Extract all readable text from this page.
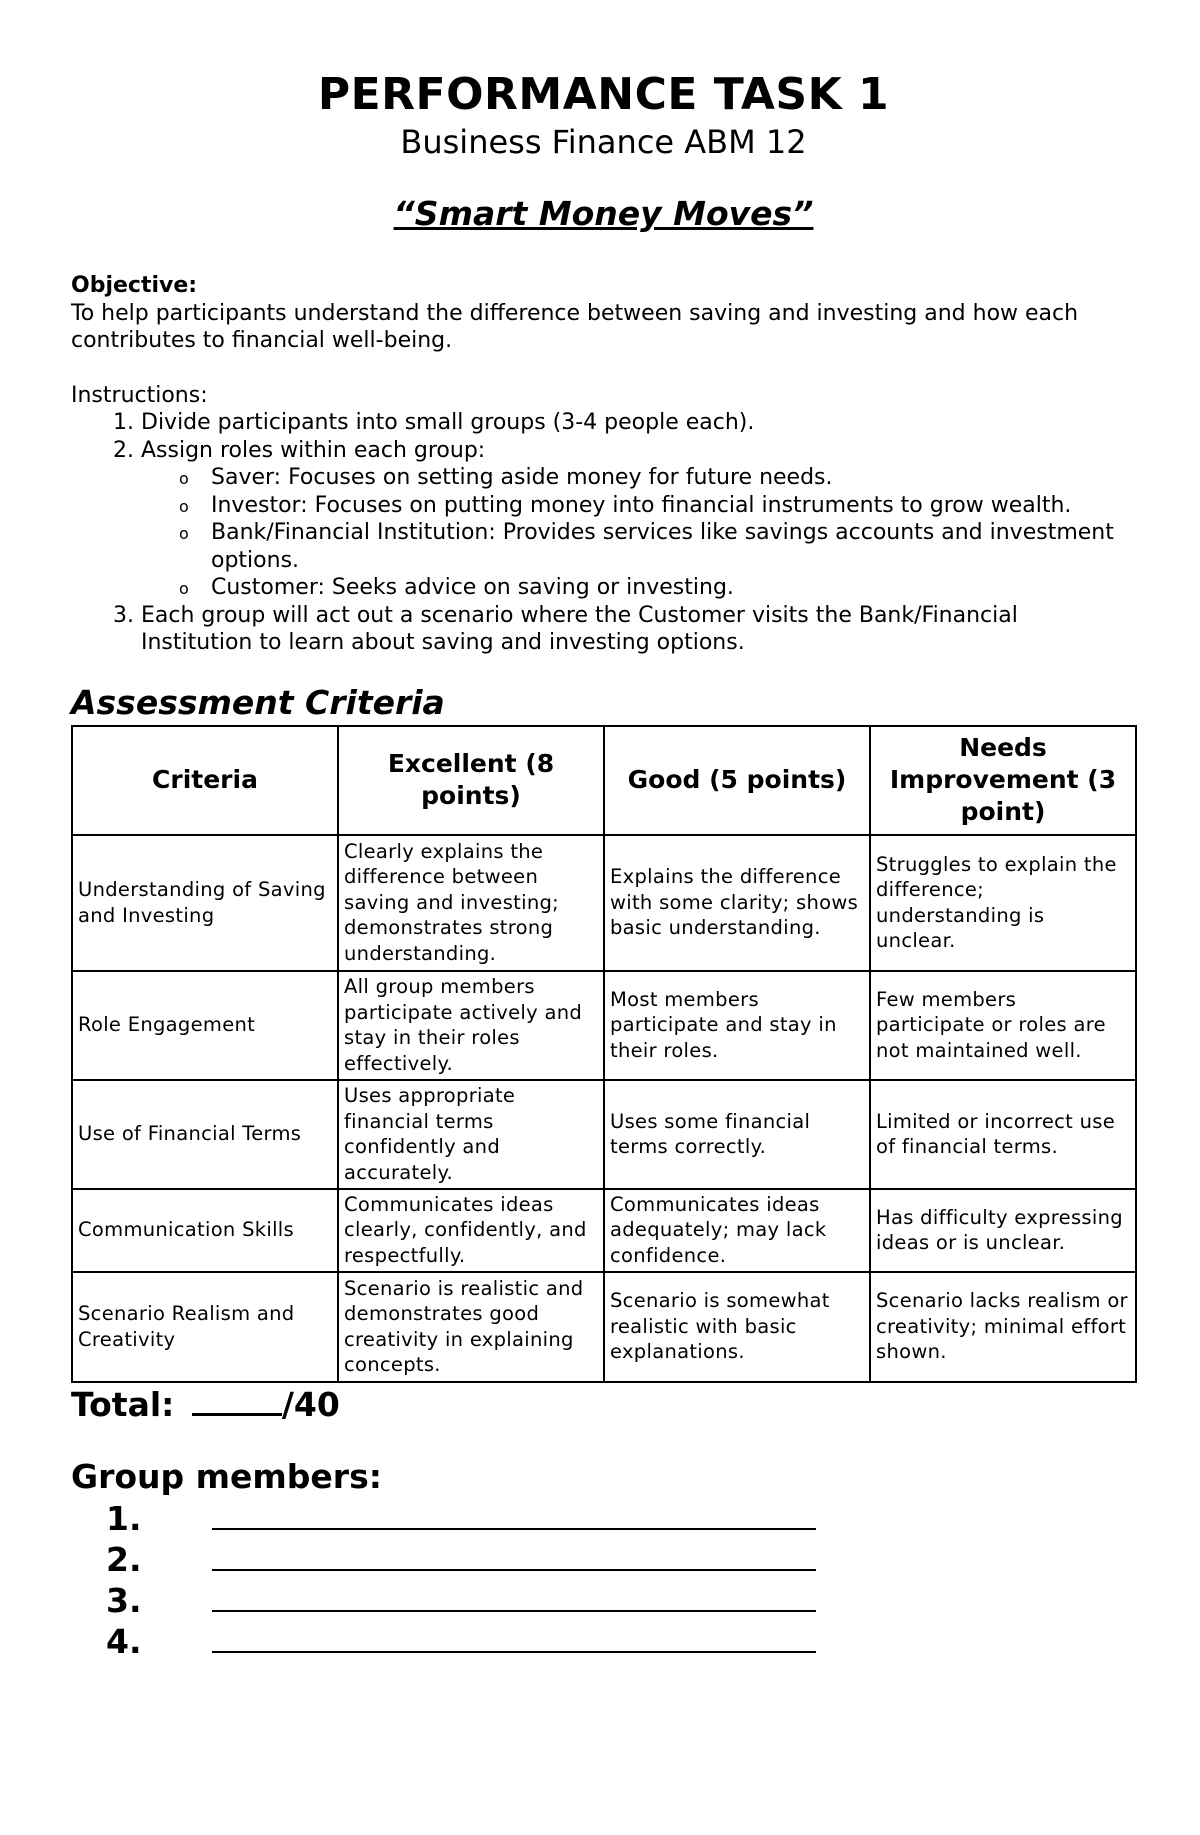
PERFORMANCE TASK 1
Business Finance ABM 12
“Smart Money Moves”
Objective:
To help participants understand the difference between saving and investing and how each contributes to financial well-being.
Instructions:
1. Divide participants into small groups (3-4 people each).
2. Assign roles within each group:
o Saver: Focuses on setting aside money for future needs.
o Investor: Focuses on putting money into financial instruments to grow wealth.
o Bank/Financial Institution: Provides services like savings accounts and investment options.
o Customer: Seeks advice on saving or investing.
3. Each group will act out a scenario where the Customer visits the Bank/Financial Institution to learn about saving and investing options.
Assessment Criteria
Criteria	Excellent (8 points)	Good (5 points)	Needs Improvement (3 point)
Understanding of Saving and Investing	Clearly explains the difference between saving and investing; demonstrates strong understanding.	Explains the difference with some clarity; shows basic understanding.	Struggles to explain the difference; understanding is unclear.
Role Engagement	All group members participate actively and stay in their roles effectively.	Most members participate and stay in their roles.	Few members participate or roles are not maintained well.
Use of Financial Terms	Uses appropriate financial terms confidently and accurately.	Uses some financial terms correctly.	Limited or incorrect use of financial terms.
Communication Skills	Communicates ideas clearly, confidently, and respectfully.	Communicates ideas adequately; may lack confidence.	Has difficulty expressing ideas or is unclear.
Scenario Realism and Creativity	Scenario is realistic and demonstrates good creativity in explaining concepts.	Scenario is somewhat realistic with basic explanations.	Scenario lacks realism or creativity; minimal effort shown.
Total:	/40
Group members:
1.
2.
3.
4.
